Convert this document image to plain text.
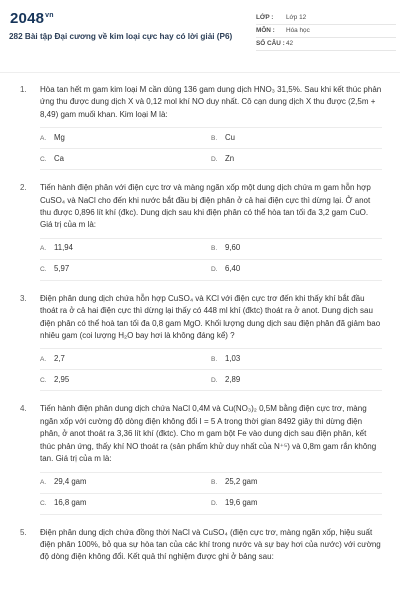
$2048^{vn}$
282 Bài tập Đại cương về kim loại cực hay có lời giải (P6)
LỚP : Lớp 12
MÔN : Hóa học
SỐ CÂU : 42
1. Hòa tan hết m gam kim loại M cần dùng 136 gam dung dịch HNO₃ 31,5%. Sau khi kết thúc phản ứng thu được dung dịch X và 0,12 mol khí NO duy nhất. Cô cạn dung dịch X thu được (2,5m + 8,49) gam muối khan. Kim loại M là:
A. Mg	B. Cu
C. Ca	D. Zn
2. Tiến hành điện phân với điện cực trơ và màng ngăn xốp một dung dịch chứa m gam hỗn hợp CuSO₄ và NaCl cho đến khi nước bắt đầu bị điện phân ở cả hai điện cực thì dừng lại. Ở anot thu được 0,896 lít khí (đkc). Dung dịch sau khi điện phân có thể hòa tan tối đa 3,2 gam CuO. Giá trị của m là:
A. 11,94	B. 9,60
C. 5,97	D. 6,40
3. Điện phân dung dịch chứa hỗn hợp CuSO₄ và KCl với điện cực trơ đến khi thấy khí bắt đầu thoát ra ở cả hai điện cực thì dừng lại thấy có 448 ml khí (đktc) thoát ra ở anot. Dung dịch sau điện phân có thể hoà tan tối đa 0,8 gam MgO. Khối lượng dung dịch sau điện phân đã giảm bao nhiêu gam (coi lượng H₂O bay hơi là không đáng kể) ?
A. 2,7	B. 1,03
C. 2,95	D. 2,89
4. Tiến hành điện phân dung dịch chứa NaCl 0,4M và Cu(NO₃)₂ 0,5M bằng điện cực trơ, màng ngăn xốp với cường độ dòng điện không đổi I = 5 A trong thời gian 8492 giây thì dừng điện phân, ở anot thoát ra 3,36 lít khí (đktc). Cho m gam bột Fe vào dung dịch sau điện phân, kết thúc phản ứng, thấy khí NO thoát ra (sản phẩm khử duy nhất của N⁺⁵) và 0,8m gam rắn không tan. Giá trị của m là:
A. 29,4 gam	B. 25,2 gam
C. 16,8 gam	D. 19,6 gam
5. Điện phân dung dịch chứa đồng thời NaCl và CuSO₄ (điện cực trơ, màng ngăn xốp, hiệu suất điện phân 100%, bỏ qua sự hòa tan của các khí trong nước và sự bay hơi của nước) với cường độ dòng điện không đổi. Kết quả thí nghiệm được ghi ở bảng sau:
